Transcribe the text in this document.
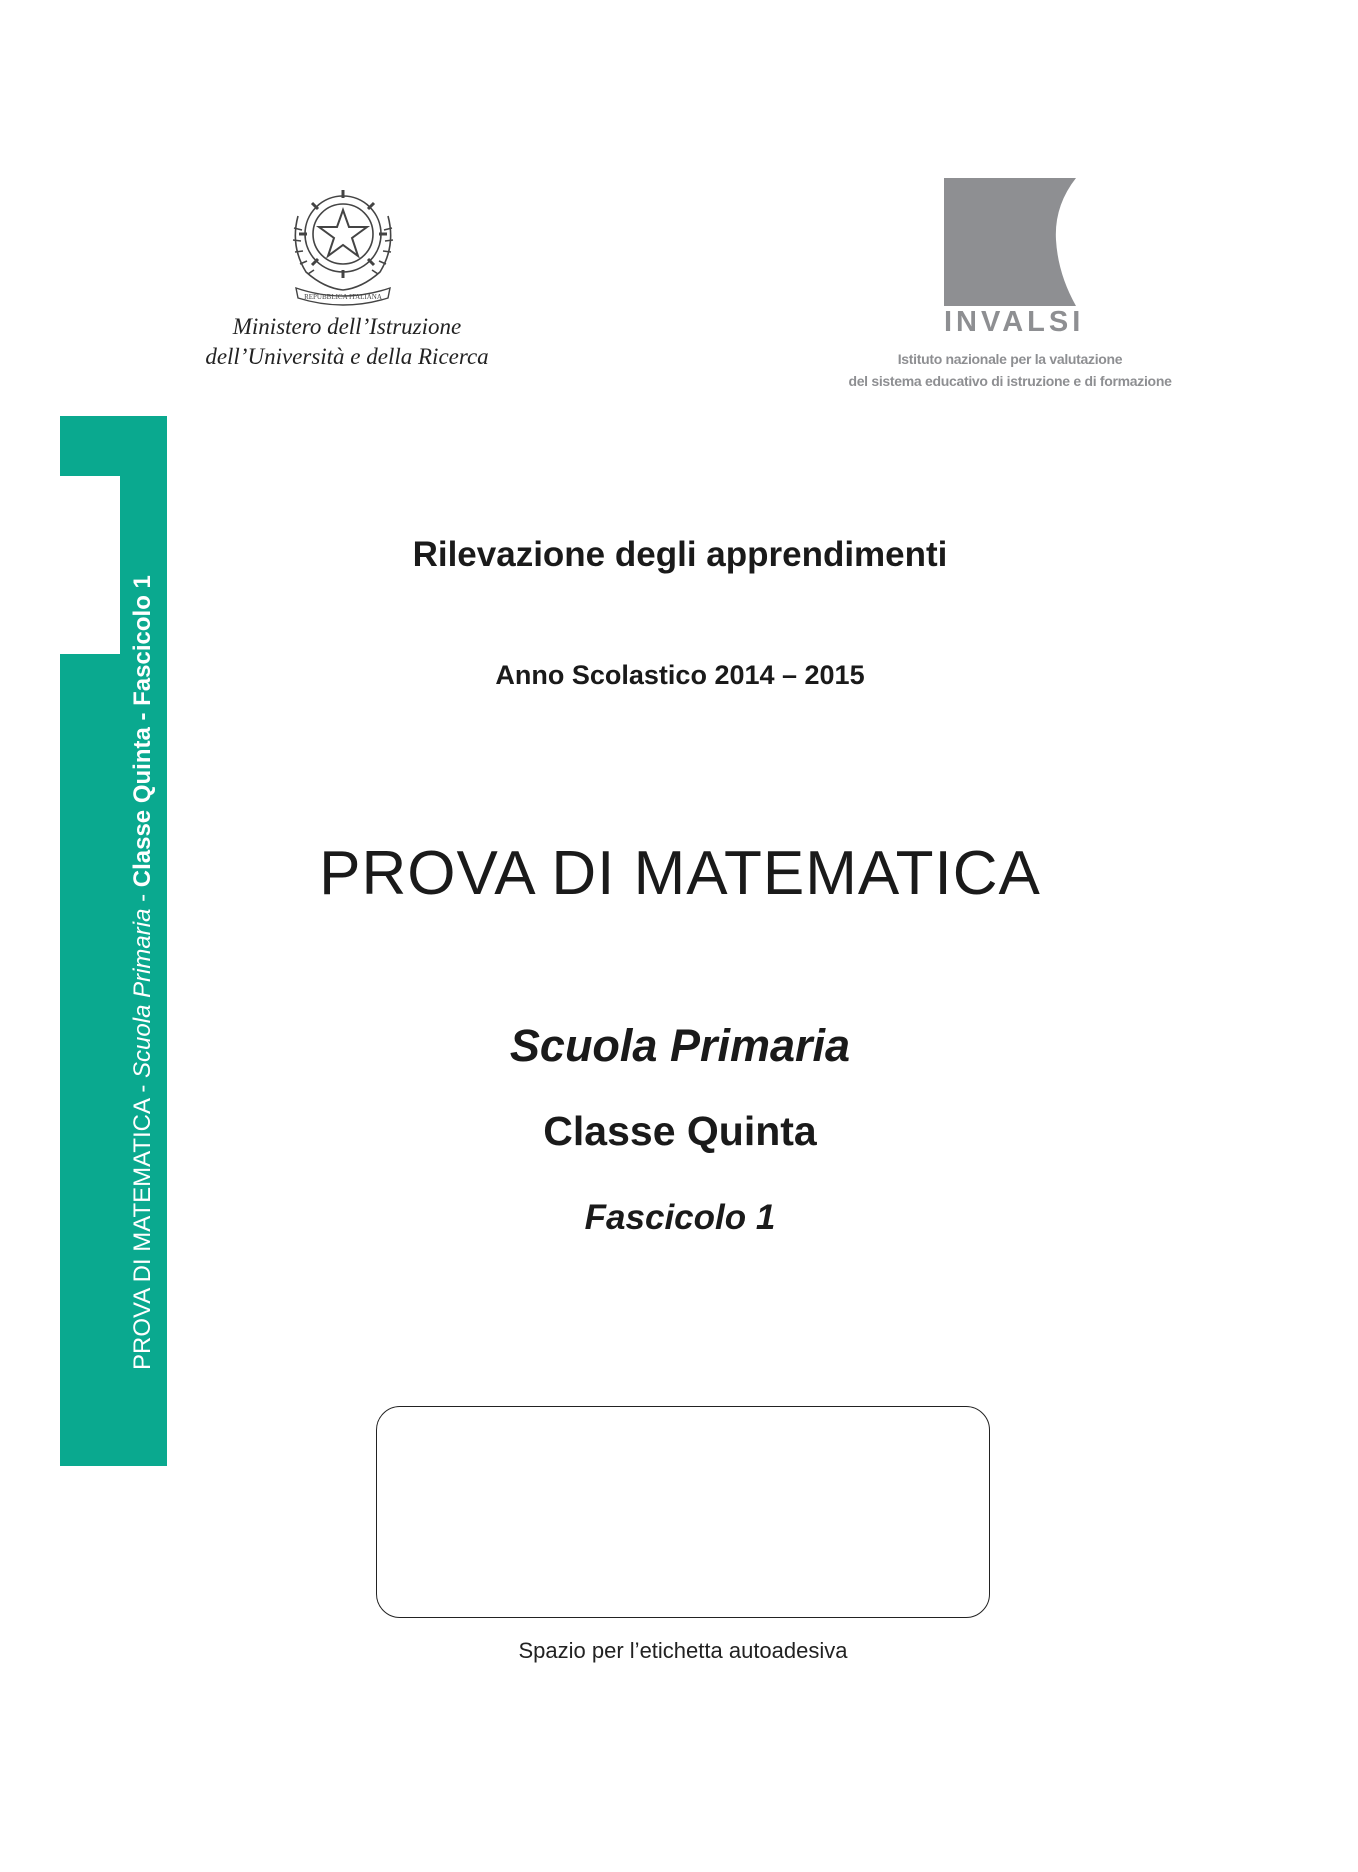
REPUBBLICA ITALIANA
Ministero dell’Istruzione
dell’Università e della Ricerca
INVALSI
Istituto nazionale per la valutazione
del sistema educativo di istruzione e di formazione
PROVA DI MATEMATICA - Scuola Primaria - Classe Quinta - Fascicolo 1
Rilevazione degli apprendimenti
Anno Scolastico 2014 – 2015
PROVA DI MATEMATICA
Scuola Primaria
Classe Quinta
Fascicolo 1
Spazio per l’etichetta autoadesiva
